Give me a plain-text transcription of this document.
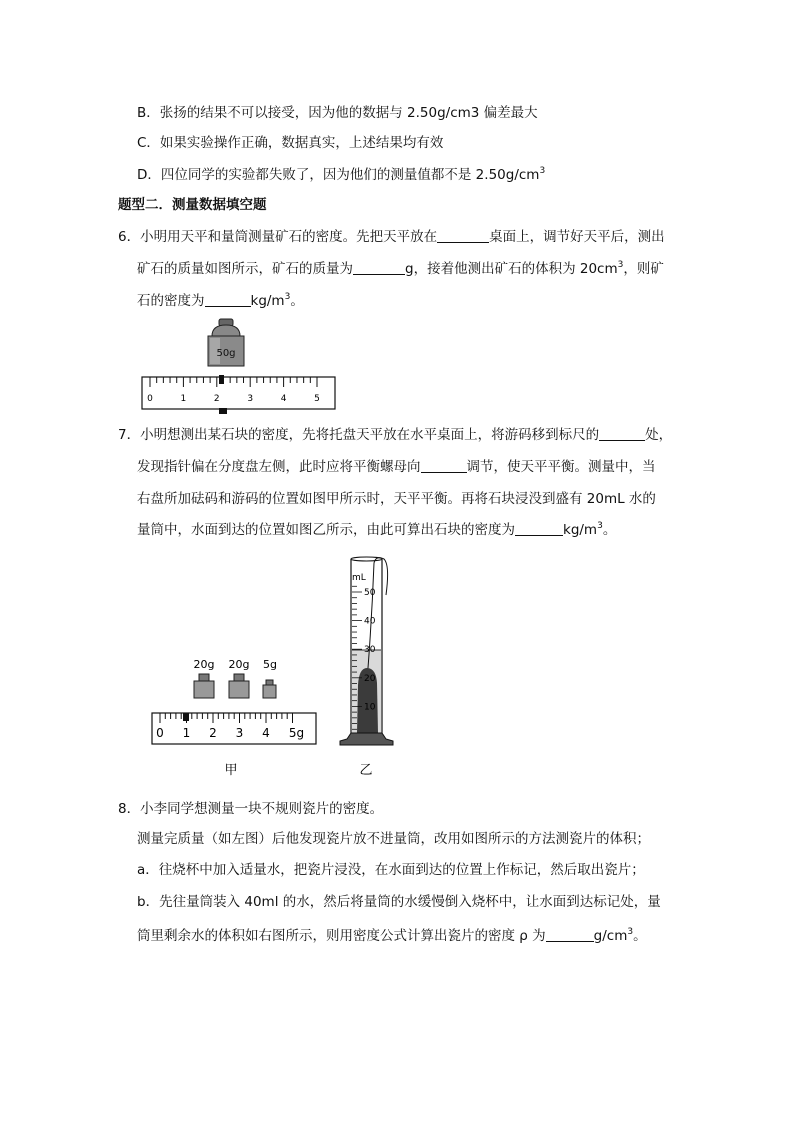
B．张扬的结果不可以接受，因为他的数据与 2.50g/cm3 偏差最大
C．如果实验操作正确，数据真实，上述结果均有效
D．四位同学的实验都失败了，因为他们的测量值都不是 $2.50g/cm^3$
题型二．测量数据填空题
6．小明用天平和量筒测量矿石的密度。先把天平放在	桌面上，调节好天平后，测出
矿石的质量如图所示，矿石的质量为	g，接着他测出矿石的体积为 $20cm^3$，则矿
石的密度为	$kg/m^3$。
50g
0	1	2	3	4	5
7．小明想测出某石块的密度，先将托盘天平放在水平桌面上，将游码移到标尺的	处，
发现指针偏在分度盘左侧，此时应将平衡螺母向	调节，使天平平衡。测量中，当
右盘所加砝码和游码的位置如图甲所示时，天平平衡。再将石块浸没到盛有 20mL 水的
量筒中，水面到达的位置如图乙所示，由此可算出石块的密度为	$kg/m^3$。
20g 20g 5g
0 1 2 3 4 5g
甲
mL
50
40
30
20
10
乙
8．小李同学想测量一块不规则瓷片的密度。
测量完质量（如左图）后他发现瓷片放不进量筒，改用如图所示的方法测瓷片的体积；
a．往烧杯中加入适量水，把瓷片浸没，在水面到达的位置上作标记，然后取出瓷片；
b．先往量筒装入 40ml 的水，然后将量筒的水缓慢倒入烧杯中，让水面到达标记处，量
筒里剩余水的体积如右图所示，则用密度公式计算出瓷片的密度 ρ 为	$g/cm^3$。
